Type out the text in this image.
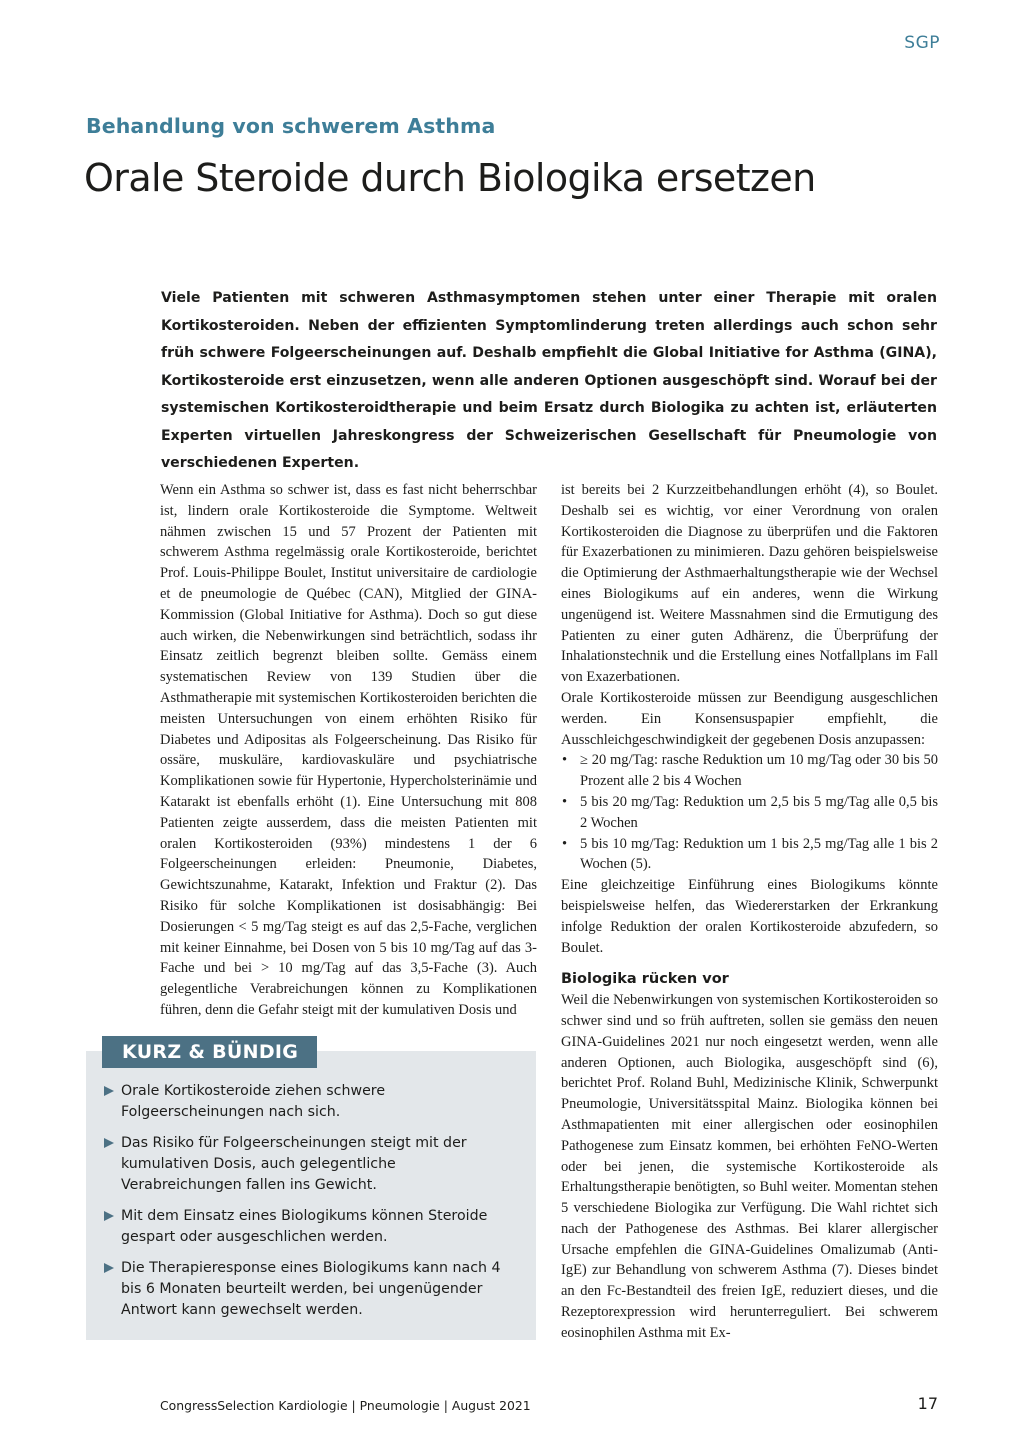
SGP
Behandlung von schwerem Asthma
Orale Steroide durch Biologika ersetzen

Viele Patienten mit schweren Asthmasymptomen stehen unter einer Therapie mit oralen Kortikosteroiden. Neben der effizienten Symptomlinderung treten allerdings auch schon sehr früh schwere Folgeerscheinungen auf. Deshalb empfiehlt die Global Initiative for Asthma (GINA), Kortikosteroide erst einzusetzen, wenn alle anderen Optionen ausgeschöpft sind. Worauf bei der systemischen Kortikosteroidtherapie und beim Ersatz durch Biologika zu achten ist, erläuterten Experten virtuellen Jahreskongress der Schweizerischen Gesellschaft für Pneumologie von verschiedenen Experten.

Wenn ein Asthma so schwer ist, dass es fast nicht beherrschbar ist, lindern orale Kortikosteroide die Symptome. Weltweit nähmen zwischen 15 und 57 Prozent der Patienten mit schwerem Asthma regelmässig orale Kortikosteroide, berichtet Prof. Louis-Philippe Boulet, Institut universitaire de cardiologie et de pneumologie de Québec (CAN), Mitglied der GINA-Kommission (Global Initiative for Asthma). Doch so gut diese auch wirken, die Nebenwirkungen sind beträchtlich, sodass ihr Einsatz zeitlich begrenzt bleiben sollte. Gemäss einem systematischen Review von 139 Studien über die Asthmatherapie mit systemischen Kortikosteroiden berichten die meisten Untersuchungen von einem erhöhten Risiko für Diabetes und Adipositas als Folgeerscheinung. Das Risiko für ossäre, muskuläre, kardiovaskuläre und psychiatrische Komplikationen sowie für Hypertonie, Hypercholsterinämie und Katarakt ist ebenfalls erhöht (1). Eine Untersuchung mit 808 Patienten zeigte ausserdem, dass die meisten Patienten mit oralen Kortikosteroiden (93%) mindestens 1 der 6 Folgeerscheinungen erleiden: Pneumonie, Diabetes, Gewichtszunahme, Katarakt, Infektion und Fraktur (2). Das Risiko für solche Komplikationen ist dosisabhängig: Bei Dosierungen < 5 mg/Tag steigt es auf das 2,5-Fache, verglichen mit keiner Einnahme, bei Dosen von 5 bis 10 mg/Tag auf das 3-Fache und bei > 10 mg/Tag auf das 3,5-Fache (3). Auch gelegentliche Verabreichungen können zu Komplikationen führen, denn die Gefahr steigt mit der kumulativen Dosis und

KURZ & BÜNDIG
Orale Kortikosteroide ziehen schwere Folgeerscheinungen nach sich.
Das Risiko für Folgeerscheinungen steigt mit der kumulativen Dosis, auch gelegentliche Verabreichungen fallen ins Gewicht.
Mit dem Einsatz eines Biologikums können Steroide gespart oder ausgeschlichen werden.
Die Therapieresponse eines Biologikums kann nach 4 bis 6 Monaten beurteilt werden, bei ungenügender Antwort kann gewechselt werden.

ist bereits bei 2 Kurzzeitbehandlungen erhöht (4), so Boulet. Deshalb sei es wichtig, vor einer Verordnung von oralen Kortikosteroiden die Diagnose zu überprüfen und die Faktoren für Exazerbationen zu minimieren. Dazu gehören beispielsweise die Optimierung der Asthmaerhaltungstherapie wie der Wechsel eines Biologikums auf ein anderes, wenn die Wirkung ungenügend ist. Weitere Massnahmen sind die Ermutigung des Patienten zu einer guten Adhärenz, die Überprüfung der Inhalationstechnik und die Erstellung eines Notfallplans im Fall von Exazerbationen.

Orale Kortikosteroide müssen zur Beendigung ausgeschlichen werden. Ein Konsensuspapier empfiehlt, die Ausschleichgeschwindigkeit der gegebenen Dosis anzupassen:

• ≥ 20 mg/Tag: rasche Reduktion um 10 mg/Tag oder 30 bis 50 Prozent alle 2 bis 4 Wochen
• 5 bis 20 mg/Tag: Reduktion um 2,5 bis 5 mg/Tag alle 0,5 bis 2 Wochen
• 5 bis 10 mg/Tag: Reduktion um 1 bis 2,5 mg/Tag alle 1 bis 2 Wochen (5).

Eine gleichzeitige Einführung eines Biologikums könnte beispielsweise helfen, das Wiedererstarken der Erkrankung infolge Reduktion der oralen Kortikosteroide abzufedern, so Boulet.

Biologika rücken vor

Weil die Nebenwirkungen von systemischen Kortikosteroiden so schwer sind und so früh auftreten, sollen sie gemäss den neuen GINA-Guidelines 2021 nur noch eingesetzt werden, wenn alle anderen Optionen, auch Biologika, ausgeschöpft sind (6), berichtet Prof. Roland Buhl, Medizinische Klinik, Schwerpunkt Pneumologie, Universitätsspital Mainz. Biologika können bei Asthmapatienten mit einer allergischen oder eosinophilen Pathogenese zum Einsatz kommen, bei erhöhten FeNO-Werten oder bei jenen, die systemische Kortikosteroide als Erhaltungstherapie benötigten, so Buhl weiter. Momentan stehen 5 verschiedene Biologika zur Verfügung. Die Wahl richtet sich nach der Pathogenese des Asthmas. Bei klarer allergischer Ursache empfehlen die GINA-Guidelines Omalizumab (Anti-IgE) zur Behandlung von schwerem Asthma (7). Dieses bindet an den Fc-Bestandteil des freien IgE, reduziert dieses, und die Rezeptorexpression wird herunterreguliert. Bei schwerem eosinophilen Asthma mit Ex-

CongressSelection Kardiologie | Pneumologie | August 2021	17
